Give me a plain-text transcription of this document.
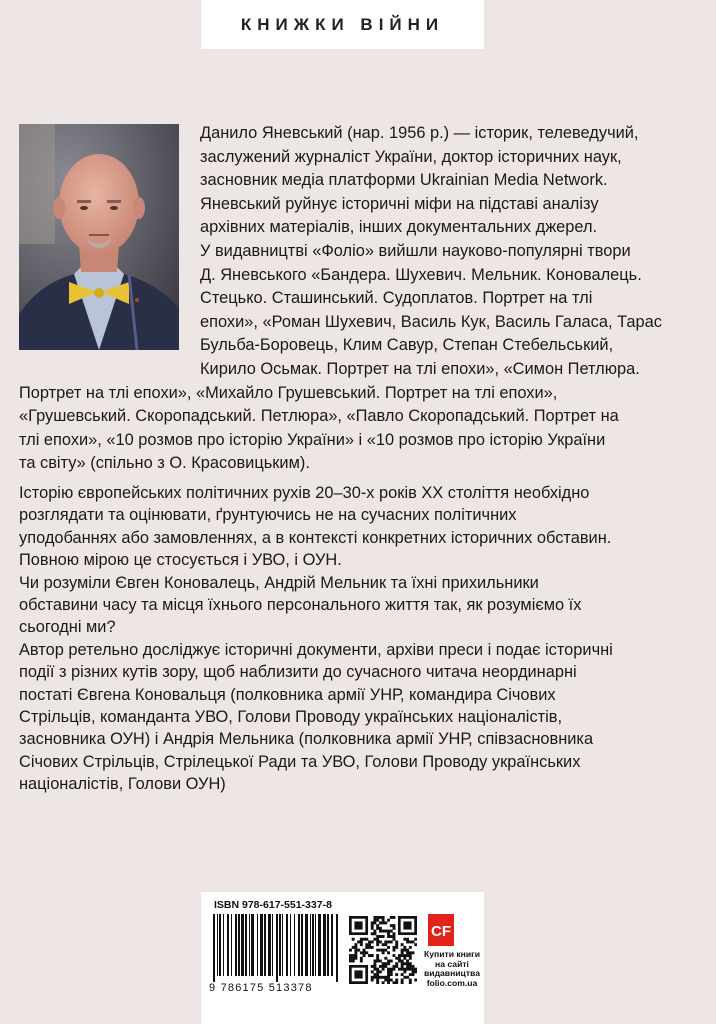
КНИЖКИ ВІЙНИ
Данило Яневський (нар. 1956 р.) — історик, телеведучий,
заслужений журналіст України, доктор історичних наук,
засновник медіа платформи Ukrainian Media Network.
Яневський руйнує історичні міфи на підставі аналізу
архівних матеріалів, інших документальних джерел.
У видавництві «Фоліо» вийшли науково-популярні твори
Д. Яневського «Бандера. Шухевич. Мельник. Коновалець.
Стецько. Сташинський. Судоплатов. Портрет на тлі
епохи», «Роман Шухевич, Василь Кук, Василь Галаса, Тарас
Бульба-Боровець, Клим Савур, Степан Стебельський,
Кирило Осьмак. Портрет на тлі епохи», «Симон Петлюра.
Портрет на тлі епохи», «Михайло Грушевський. Портрет на тлі епохи»,
«Грушевський. Скоропадський. Петлюра», «Павло Скоропадський. Портрет на
тлі епохи», «10 розмов про історію України» і «10 розмов про історію України
та світу» (спільно з О. Красовицьким).
Історію європейських політичних рухів 20–30-х років XX століття необхідно
розглядати та оцінювати, ґрунтуючись не на сучасних політичних
уподобаннях або замовленнях, а в контексті конкретних історичних обставин.
Повною мірою це стосується і УВО, і ОУН.
Чи розуміли Євген Коновалець, Андрій Мельник та їхні прихильники
обставини часу та місця їхнього персонального життя так, як розуміємо їх
сьогодні ми?
Автор ретельно досліджує історичні документи, архіви преси і подає історичні
події з різних кутів зору, щоб наблизити до сучасного читача неординарні
постаті Євгена Коновальця (полковника армії УНР, командира Січових
Стрільців, команданта УВО, Голови Проводу українських націоналістів,
засновника ОУН) і Андрія Мельника (полковника армії УНР, співзасновника
Січових Стрільців, Стрілецької Ради та УВО, Голови Проводу українських
націоналістів, Голови ОУН)
ISBN 978-617-551-337-8
9 786175 513378
CF
Купити книги
на сайті
видавництва
folio.com.ua
